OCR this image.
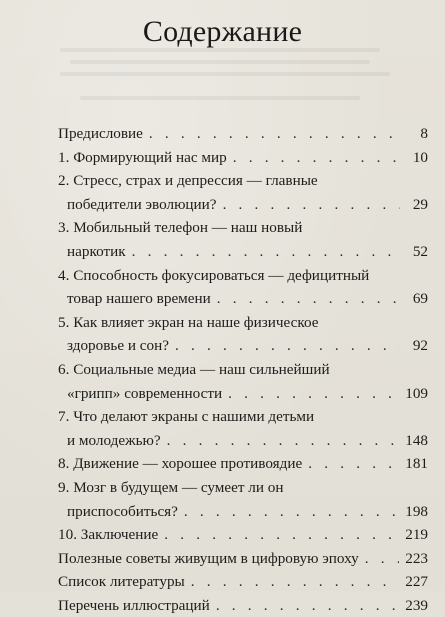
Содержание
Предисловие . . .	8
1. Формирующий нас мир . . .	10
2. Стресс, страх и депрессия — главные
победители эволюции? . . .	29
3. Мобильный телефон — наш новый
наркотик . . .	52
4. Способность фокусироваться — дефицитный
товар нашего времени . . .	69
5. Как влияет экран на наше физическое
здоровье и сон? . . .	92
6. Социальные медиа — наш сильнейший
«грипп» современности . . .	109
7. Что делают экраны с нашими детьми
и молодежью? . . .	148
8. Движение — хорошее противоядие . . .	181
9. Мозг в будущем — сумеет ли он
приспособиться? . . .	198
10. Заключение . . .	219
Полезные советы живущим в цифровую эпоху . . .	223
Список литературы . . .	227
Перечень иллюстраций . . .	239
